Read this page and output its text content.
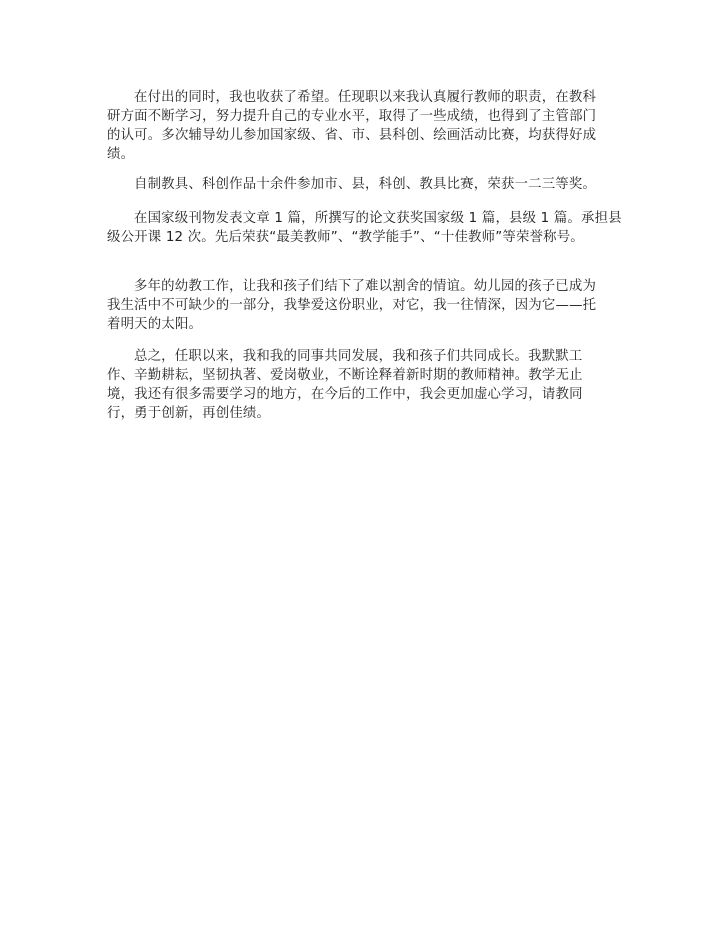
在付出的同时，我也收获了希望。任现职以来我认真履行教师的职责，在教科
研方面不断学习，努力提升自己的专业水平，取得了一些成绩，也得到了主管部门
的认可。多次辅导幼儿参加国家级、省、市、县科创、绘画活动比赛，均获得好成
绩。
自制教具、科创作品十余件参加市、县，科创、教具比赛，荣获一二三等奖。
在国家级刊物发表文章 1 篇，所撰写的论文获奖国家级 1 篇，县级 1 篇。承担县
级公开课 12 次。先后荣获“最美教师”、“教学能手”、“十佳教师”等荣誉称号。
多年的幼教工作，让我和孩子们结下了难以割舍的情谊。幼儿园的孩子已成为
我生活中不可缺少的一部分，我挚爱这份职业，对它，我一往情深，因为它——托
着明天的太阳。
总之，任职以来，我和我的同事共同发展，我和孩子们共同成长。我默默工
作、辛勤耕耘，坚韧执著、爱岗敬业，不断诠释着新时期的教师精神。教学无止
境，我还有很多需要学习的地方，在今后的工作中，我会更加虚心学习，请教同
行，勇于创新，再创佳绩。
